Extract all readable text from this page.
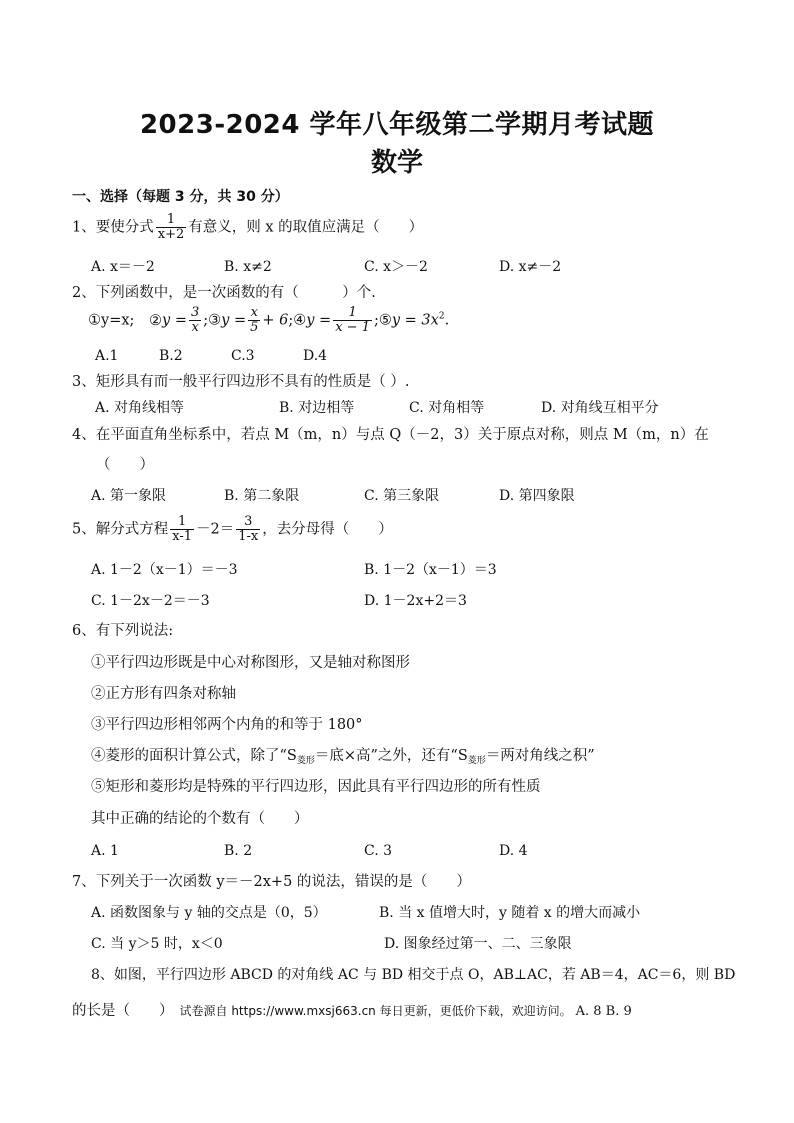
2023-2024 学年八年级第二学期月考试题
数学
一、选择（每题 3 分，共 30 分）
1、要使分式 $\frac{1}{x+2}$ 有意义，则 x 的取值应满足（　　）
A. x＝－2	B. x≠2	C. x＞－2	D. x≠－2
2、下列函数中，是一次函数的有（　　　）个.
①y=x; ②y = $\frac{3}{x}$ ;③y = $\frac{x}{5}$ + 6;④y = $\frac{1}{x - 1}$ ;⑤y = $3x^2$.
A.1	B.2	C.3	D.4
3、矩形具有而一般平行四边形不具有的性质是（ ）.
A. 对角线相等	B. 对边相等	C. 对角相等	D. 对角线互相平分
4、在平面直角坐标系中，若点 M（m，n）与点 Q（－2，3）关于原点对称，则点 M（m，n）在
（　　）
A. 第一象限	B. 第二象限	C. 第三象限	D. 第四象限
5、解分式方程 $\frac{1}{x-1} -2= \frac{3}{1-x}$ ，去分母得（　　）
A. 1－2（x－1）＝－3	B. 1－2（x－1）＝3
C. 1－2x－2＝－3	D. 1－2x+2＝3
6、有下列说法:
①平行四边形既是中心对称图形，又是轴对称图形
②正方形有四条对称轴
③平行四边形相邻两个内角的和等于 180°
④菱形的面积计算公式，除了“$S_{菱形}=$底×高”之外，还有“$S_{菱形}=$两对角线之积”
⑤矩形和菱形均是特殊的平行四边形，因此具有平行四边形的所有性质
其中正确的结论的个数有（　　）
A. 1	B. 2	C. 3	D. 4
7、下列关于一次函数 y＝－2x+5 的说法，错误的是（　　）
A. 函数图象与 y 轴的交点是（0，5）	B. 当 x 值增大时，y 随着 x 的增大而减小
C. 当 y＞5 时，x＜0	D. 图象经过第一、二、三象限
8、如图，平行四边形 ABCD 的对角线 AC 与 BD 相交于点 O，AB⊥AC，若 AB＝4，AC＝6，则 BD
的长是（　　） 试卷源自 https://www.mxsj663.cn 每日更新，更低价下载，欢迎访问。 A. 8 B. 9
